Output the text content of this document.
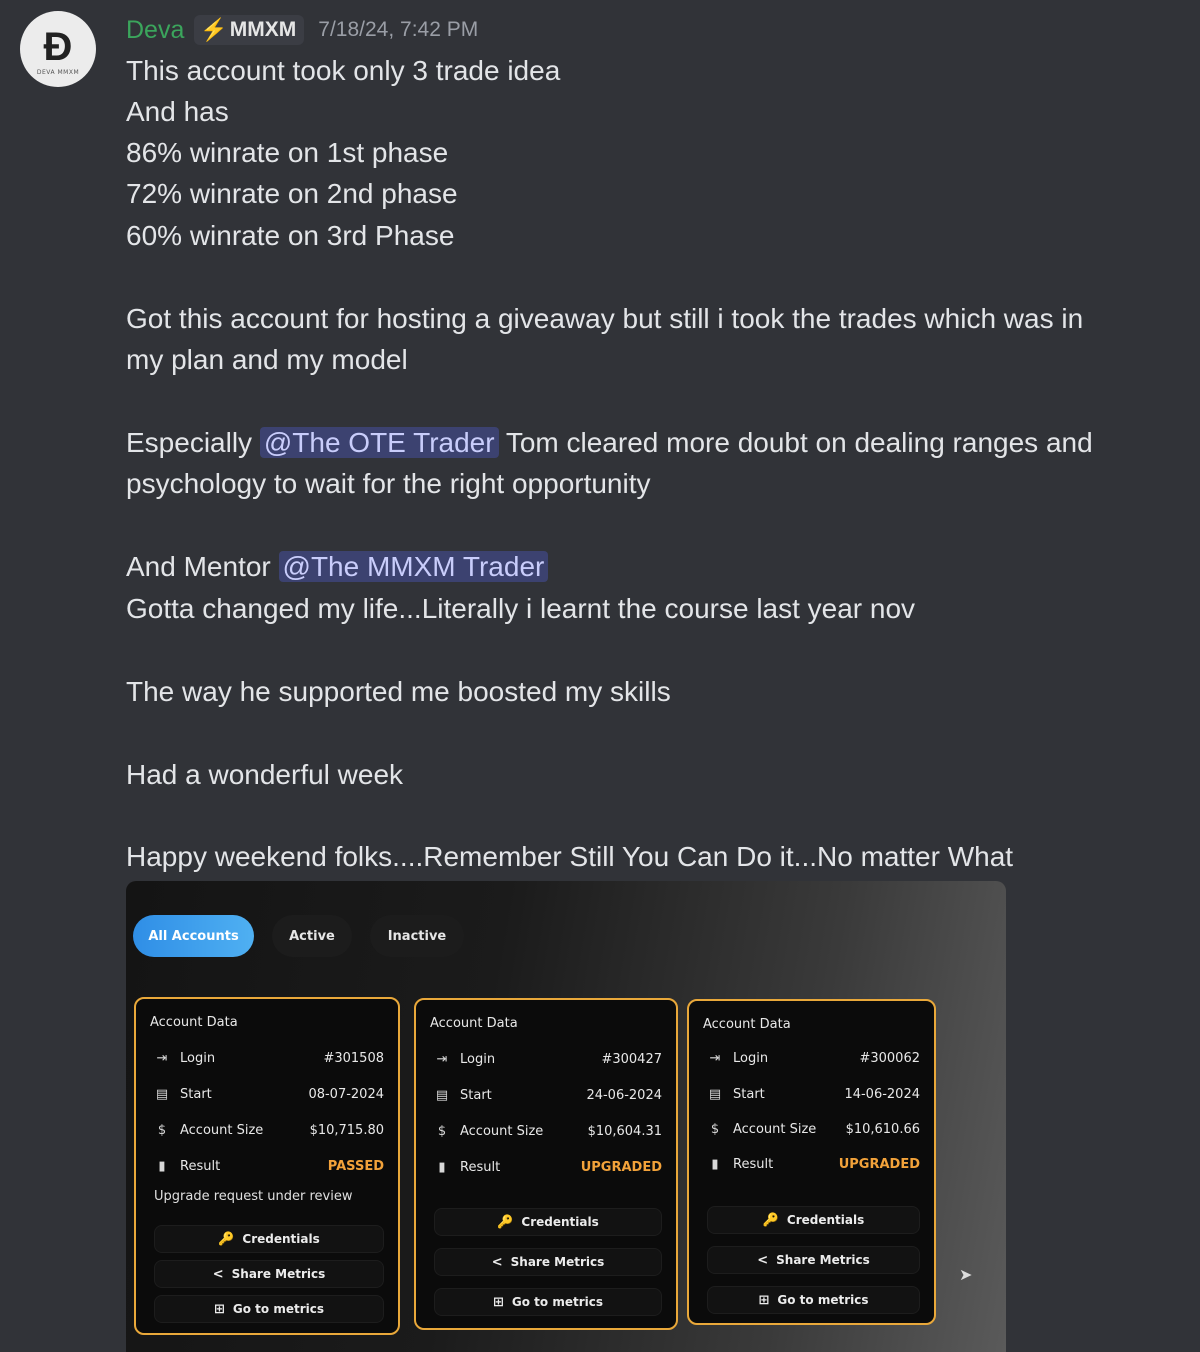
Ð
DEVA MMXM
Deva ⚡ MMXM 7/18/24, 7:42 PM
This account took only 3 trade idea
And has
86% winrate on 1st phase
72% winrate on 2nd phase
60% winrate on 3rd Phase
Got this account for hosting a giveaway but still i took the trades which was in
my plan and my model
Especially @The OTE Trader Tom cleared more doubt on dealing ranges and
psychology to wait for the right opportunity
And Mentor @The MMXM Trader
Gotta changed my life...Literally i learnt the course last year nov
The way he supported me boosted my skills
Had a wonderful week
Happy weekend folks....Remember Still You Can Do it...No matter What
All Accounts	Active	Inactive
Account Data
⇥ Login	#301508
▤ Start	08-07-2024
$ Account Size	$10,715.80
▮	Result	PASSED
Upgrade request under review
🔑 Credentials
< Share Metrics
⊞ Go to metrics
Account Data
⇥ Login	#300427
▤ Start	24-06-2024
$ Account Size	$10,604.31
▮	Result	UPGRADED
🔑 Credentials
< Share Metrics
⊞ Go to metrics
Account Data
⇥ Login	#300062
▤ Start	14-06-2024
$ Account Size $10,610.66
▮	Result	UPGRADED
🔑 Credentials
< Share Metrics
⊞ Go to metrics
➤
